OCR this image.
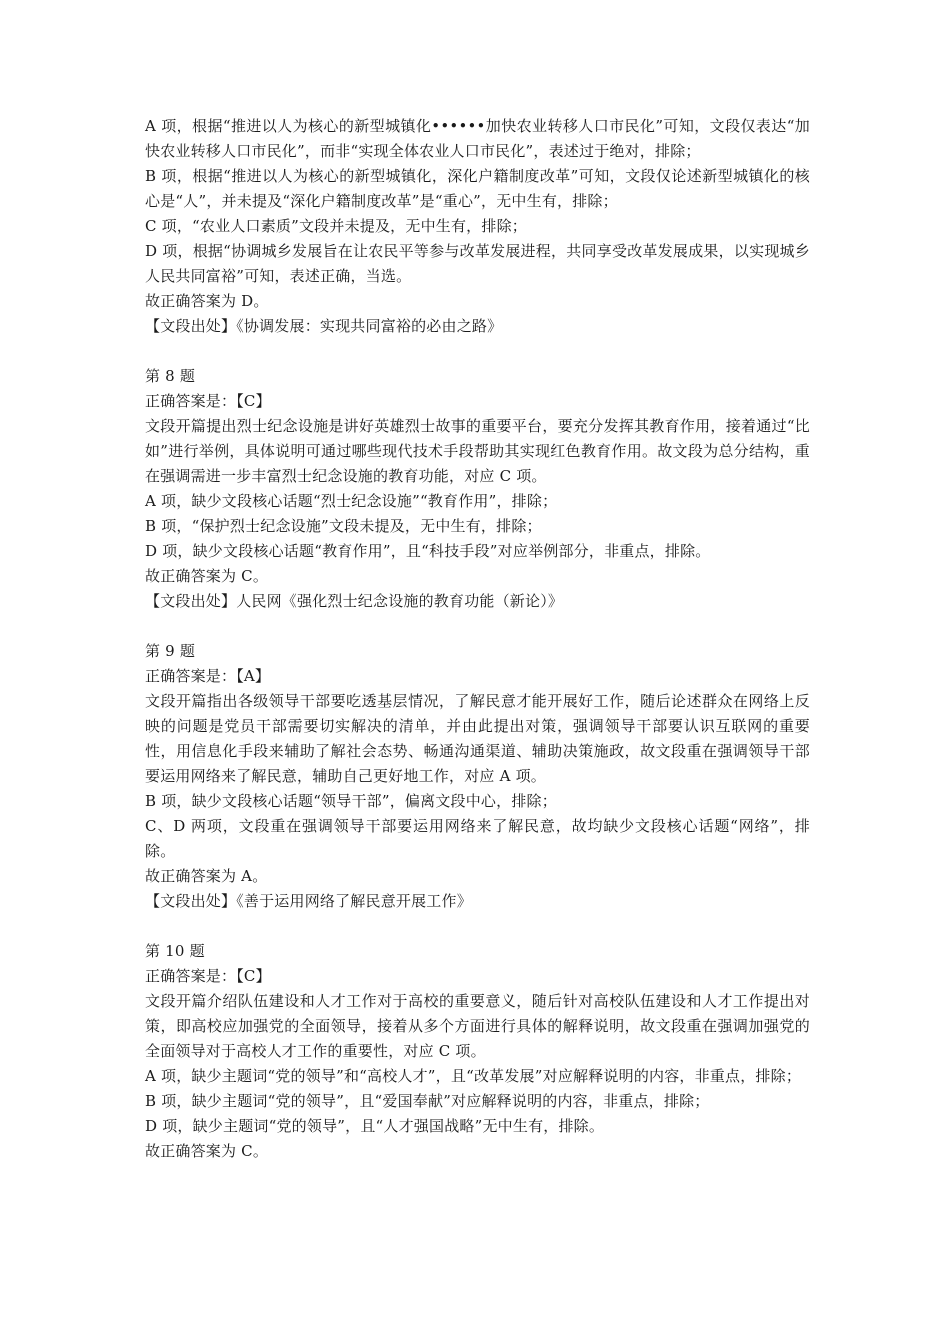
A 项，根据“推进以人为核心的新型城镇化••••••加快农业转移人口市民化”可知，文段仅表达“加快农业转移人口市民化”，而非“实现全体农业人口市民化”，表述过于绝对，排除；

B 项，根据“推进以人为核心的新型城镇化，深化户籍制度改革”可知，文段仅论述新型城镇化的核心是“人”，并未提及“深化户籍制度改革”是“重心”，无中生有，排除；

C 项，“农业人口素质”文段并未提及，无中生有，排除；

D 项，根据“协调城乡发展旨在让农民平等参与改革发展进程，共同享受改革发展成果，以实现城乡人民共同富裕”可知，表述正确，当选。

故正确答案为 D。

【文段出处】《协调发展：实现共同富裕的必由之路》

第 8 题

正确答案是：【C】

文段开篇提出烈士纪念设施是讲好英雄烈士故事的重要平台，要充分发挥其教育作用，接着通过“比如”进行举例，具体说明可通过哪些现代技术手段帮助其实现红色教育作用。故文段为总分结构，重在强调需进一步丰富烈士纪念设施的教育功能，对应 C 项。

A 项，缺少文段核心话题“烈士纪念设施”“教育作用”，排除；

B 项，“保护烈士纪念设施”文段未提及，无中生有，排除；

D 项，缺少文段核心话题“教育作用”，且“科技手段”对应举例部分，非重点，排除。

故正确答案为 C。

【文段出处】人民网《强化烈士纪念设施的教育功能（新论）》

第 9 题

正确答案是：【A】

文段开篇指出各级领导干部要吃透基层情况，了解民意才能开展好工作，随后论述群众在网络上反映的问题是党员干部需要切实解决的清单，并由此提出对策，强调领导干部要认识互联网的重要性，用信息化手段来辅助了解社会态势、畅通沟通渠道、辅助决策施政，故文段重在强调领导干部要运用网络来了解民意，辅助自己更好地工作，对应 A 项。

B 项，缺少文段核心话题“领导干部”，偏离文段中心，排除；

C、D 两项，文段重在强调领导干部要运用网络来了解民意，故均缺少文段核心话题“网络”，排除。

故正确答案为 A。

【文段出处】《善于运用网络了解民意开展工作》

第 10 题

正确答案是：【C】

文段开篇介绍队伍建设和人才工作对于高校的重要意义，随后针对高校队伍建设和人才工作提出对策，即高校应加强党的全面领导，接着从多个方面进行具体的解释说明，故文段重在强调加强党的全面领导对于高校人才工作的重要性，对应 C 项。

A 项，缺少主题词“党的领导”和“高校人才”，且“改革发展”对应解释说明的内容，非重点，排除；

B 项，缺少主题词“党的领导”，且“爱国奉献”对应解释说明的内容，非重点，排除；

D 项，缺少主题词“党的领导”，且“人才强国战略”无中生有，排除。

故正确答案为 C。
